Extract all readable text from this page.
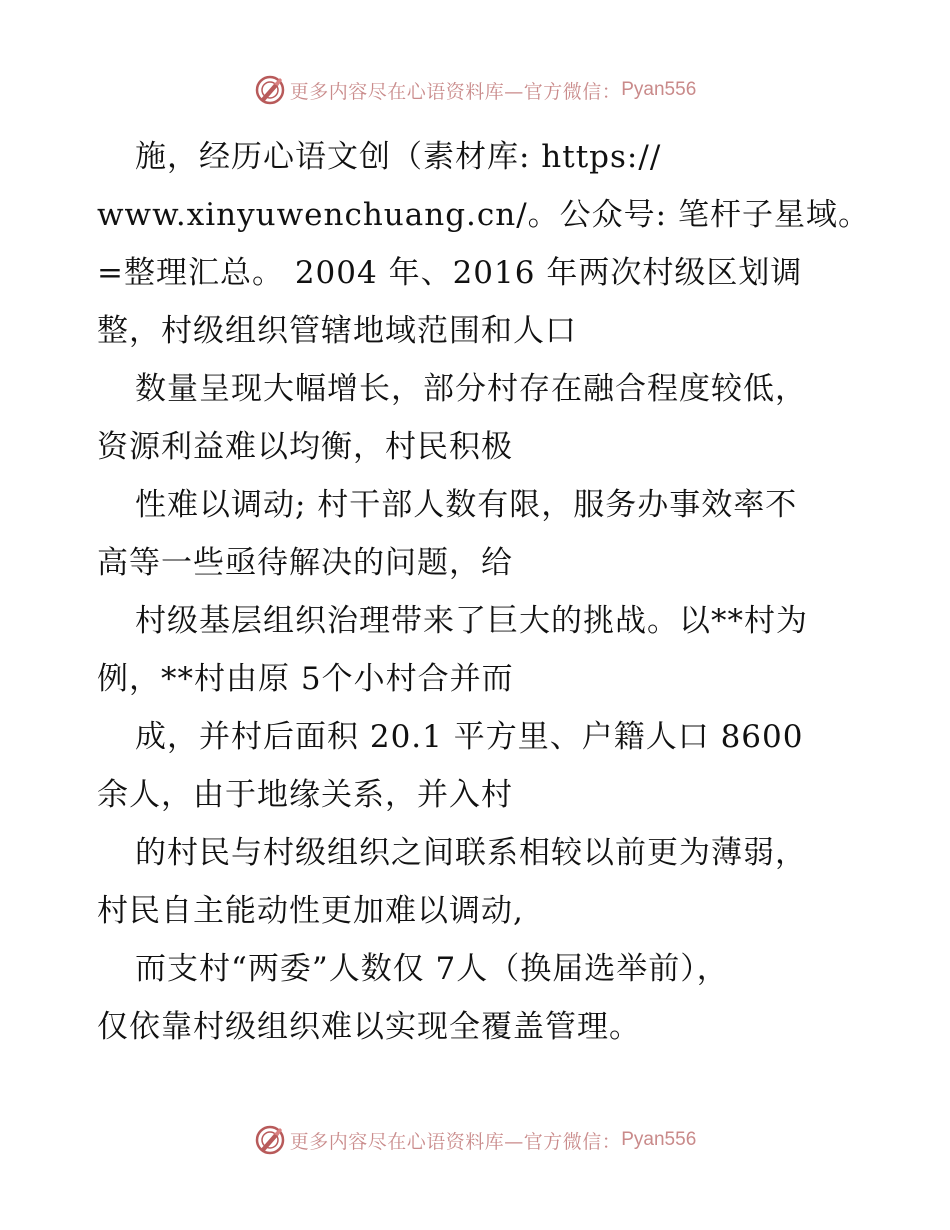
更多内容尽在心语资料库—官方微信： Pyan556
施，经历心语文创（素材库: https://
www.xinyuwenchuang.cn/。公众号: 笔杆子星域。
=整理汇总。 2004 年、2016 年两次村级区划调
整，村级组织管辖地域范围和人口
数量呈现大幅增长，部分村存在融合程度较低，
资源利益难以均衡，村民积极
性难以调动; 村干部人数有限，服务办事效率不
高等一些亟待解决的问题，给
村级基层组织治理带来了巨大的挑战。以**村为
例，**村由原 5个小村合并而
成，并村后面积 20.1 平方里、户籍人口 8600
余人，由于地缘关系，并入村
的村民与村级组织之间联系相较以前更为薄弱，
村民自主能动性更加难以调动,
而支村“两委”人数仅 7人（换届选举前），
仅依靠村级组织难以实现全覆盖管理。
更多内容尽在心语资料库—官方微信： Pyan556
